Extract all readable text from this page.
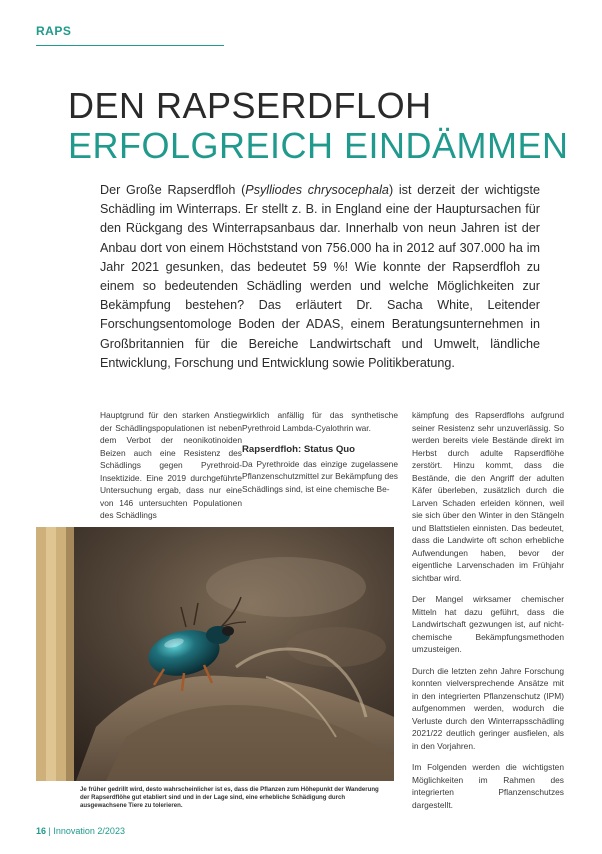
RAPS
DEN RAPSERDFLOH
ERFOLGREICH EINDÄMMEN
Der Große Rapserdfloh (Psylliodes chrysocephala) ist derzeit der wichtigste Schädling im Winterraps. Er stellt z. B. in England eine der Hauptursachen für den Rückgang des Winterrapsanbaus dar. Innerhalb von neun Jahren ist der Anbau dort von einem Höchststand von 756.000 ha in 2012 auf 307.000 ha im Jahr 2021 gesunken, das bedeutet 59 %! Wie konnte der Rapserdfloh zu einem so bedeutenden Schädling werden und welche Möglichkeiten zur Bekämpfung bestehen? Das erläutert Dr. Sacha White, Leitender Forschungsentomologe Boden der ADAS, einem Beratungsunternehmen in Großbritannien für die Bereiche Landwirtschaft und Umwelt, ländliche Entwicklung, Forschung und Entwicklung sowie Politikberatung.

Hauptgrund für den starken Anstieg der Schädlingspopulationen ist neben dem Verbot der neonikotinoiden Beizen auch eine Resistenz des Schädlings gegen Pyrethroid-Insektizide. Eine 2019 durchgeführte Untersuchung ergab, dass nur eine von 146 untersuchten Populationen des Schädlings

wirklich anfällig für das synthetische Pyrethroid Lambda-Cyalothrin war.

Rapserdfloh: Status Quo

Da Pyrethroide das einzige zugelassene Pflanzenschutzmittel zur Bekämpfung des Schädlings sind, ist eine chemische Be-

kämpfung des Rapserdflohs aufgrund seiner Resistenz sehr unzuverlässig. So werden bereits viele Bestände direkt im Herbst durch adulte Rapserdflöhe zerstört. Hinzu kommt, dass die Bestände, die den Angriff der adulten Käfer überleben, zusätzlich durch die Larven Schaden erleiden können, weil sie sich über den Winter in den Stängeln und Blattstielen einnisten. Das bedeutet, dass die Landwirte oft schon erhebliche Aufwendungen haben, bevor der eigentliche Larvenschaden im Frühjahr sichtbar wird.

Der Mangel wirksamer chemischer Mitteln hat dazu geführt, dass die Landwirtschaft gezwungen ist, auf nicht-chemische Bekämpfungsmethoden umzusteigen.

Durch die letzten zehn Jahre Forschung konnten vielversprechende Ansätze mit in den integrierten Pflanzenschutz (IPM) aufgenommen werden, wodurch die Verluste durch den Winterrapsschädling 2021/22 deutlich geringer ausfielen, als in den Vorjahren.

Im Folgenden werden die wichtigsten Möglichkeiten im Rahmen des integrierten Pflanzenschutzes dargestellt.

Je früher gedrillt wird, desto wahrscheinlicher ist es, dass die Pflanzen zum Höhepunkt der Wanderung der Rapserdflöhe gut etabliert sind und in der Lage sind, eine erhebliche Schädigung durch ausgewachsene Tiere zu tolerieren.
16 | Innovation 2/2023
